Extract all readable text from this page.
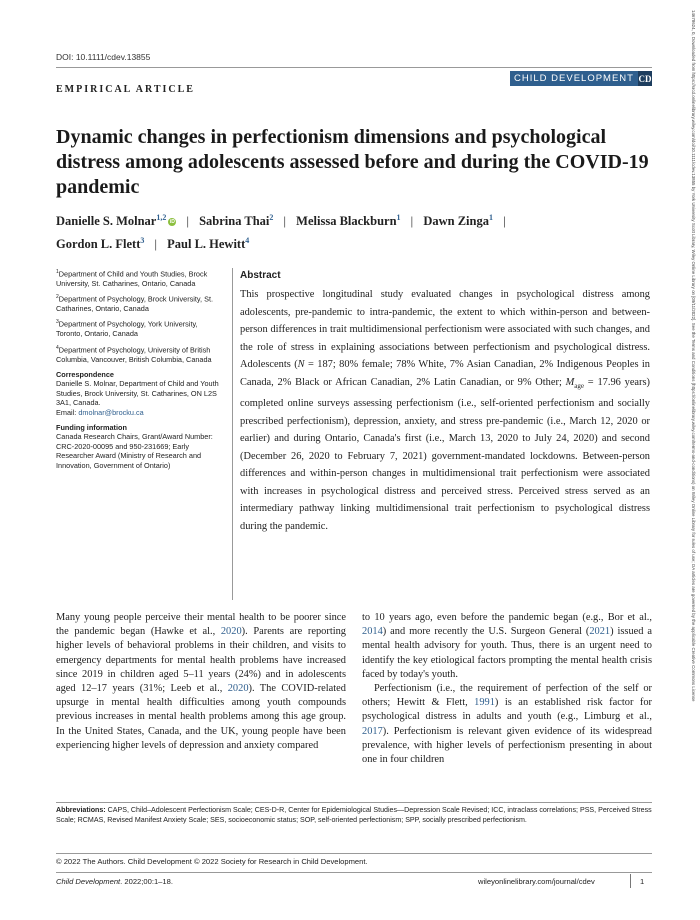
14678624, 0, Downloaded from https://srcd.onlinelibrary.wiley.com/doi/10.1111/cdev.13855 by York University Scott Library, Wiley Online Library on [09/11/2022]. See the Terms and Conditions (https://onlinelibrary.wiley.com/terms-and-conditions) on Wiley Online Library for rules of use; OA articles are governed by the applicable Creative Commons License
DOI: 10.1111/cdev.13855
EMPIRICAL ARTICLE
CHILD DEVELOPMENT CD
Dynamic changes in perfectionism dimensions and psychological distress among adolescents assessed before and during the COVID-19 pandemic
Danielle S. Molnar$^{1,2}$iD | Sabrina Thai$^2$ | Melissa Blackburn$^1$ | Dawn Zinga$^1$ |
Gordon L. Flett$^3$ | Paul L. Hewitt$^4$

$^1$Department of Child and Youth Studies, Brock University, St. Catharines, Ontario, Canada

$^2$Department of Psychology, Brock University, St. Catharines, Ontario, Canada

$^3$Department of Psychology, York University, Toronto, Ontario, Canada

$^4$Department of Psychology, University of British Columbia, Vancouver, British Columbia, Canada

Correspondence

Danielle S. Molnar, Department of Child and Youth Studies, Brock University, St. Catharines, ON L2S 3A1, Canada.
Email: dmolnar@brocku.ca

Funding information

Canada Research Chairs, Grant/Award Number: CRC-2020-00095 and 950-231669; Early Researcher Award (Ministry of Research and Innovation, Government of Ontario)

Abstract

This prospective longitudinal study evaluated changes in psychological distress among adolescents, pre-pandemic to intra-pandemic, the extent to which within-person and between-person differences in trait multidimensional perfectionism were associated with such changes, and the role of stress in explaining associations between perfectionism and psychological distress. Adolescents (N = 187; 80% female; 78% White, 7% Asian Canadian, 2% Indigenous Peoples in Canada, 2% Black or African Canadian, 2% Latin Canadian, or 9% Other; $M_{age} = 17.96$ years) completed online surveys assessing perfectionism (i.e., self-oriented perfectionism and socially prescribed perfectionism), depression, anxiety, and stress pre-pandemic (i.e., March 12, 2020 or earlier) and during Ontario, Canada's first (i.e., March 13, 2020 to July 24, 2020) and second (December 26, 2020 to February 7, 2021) government-mandated lockdowns. Between-person differences and within-person changes in multidimensional trait perfectionism were associated with increases in psychological distress and perceived stress. Perceived stress served as an intermediary pathway linking multidimensional trait perfectionism to psychological distress during the pandemic.

Many young people perceive their mental health to be poorer since the pandemic began (Hawke et al., 2020). Parents are reporting higher levels of behavioral problems in their children, and visits to emergency departments for mental health problems have increased since 2019 in children aged 5–11 years (24%) and in adolescents aged 12–17 years (31%; Leeb et al., 2020). The COVID-related upsurge in mental health difficulties among youth compounds previous increases in mental health problems among this age group. In the United States, Canada, and the UK, young people have been experiencing higher levels of depression and anxiety compared

to 10 years ago, even before the pandemic began (e.g., Bor et al., 2014) and more recently the U.S. Surgeon General (2021) issued a mental health advisory for youth. Thus, there is an urgent need to identify the key etiological factors prompting the mental health crisis faced by today's youth.

Perfectionism (i.e., the requirement of perfection of the self or others; Hewitt & Flett, 1991) is an established risk factor for psychological distress in adults and youth (e.g., Limburg et al., 2017). Perfectionism is relevant given evidence of its widespread prevalence, with higher levels of perfectionism presenting in about one in four children

Abbreviations: CAPS, Child–Adolescent Perfectionism Scale; CES-D-R, Center for Epidemiological Studies—Depression Scale Revised; ICC, intraclass correlations; PSS, Perceived Stress Scale; RCMAS, Revised Manifest Anxiety Scale; SES, socioeconomic status; SOP, self-oriented perfectionism; SPP, socially prescribed perfectionism.

© 2022 The Authors. Child Development © 2022 Society for Research in Child Development.
Child Development. 2022;00:1–18.	wileyonlinelibrary.com/journal/cdev	1
